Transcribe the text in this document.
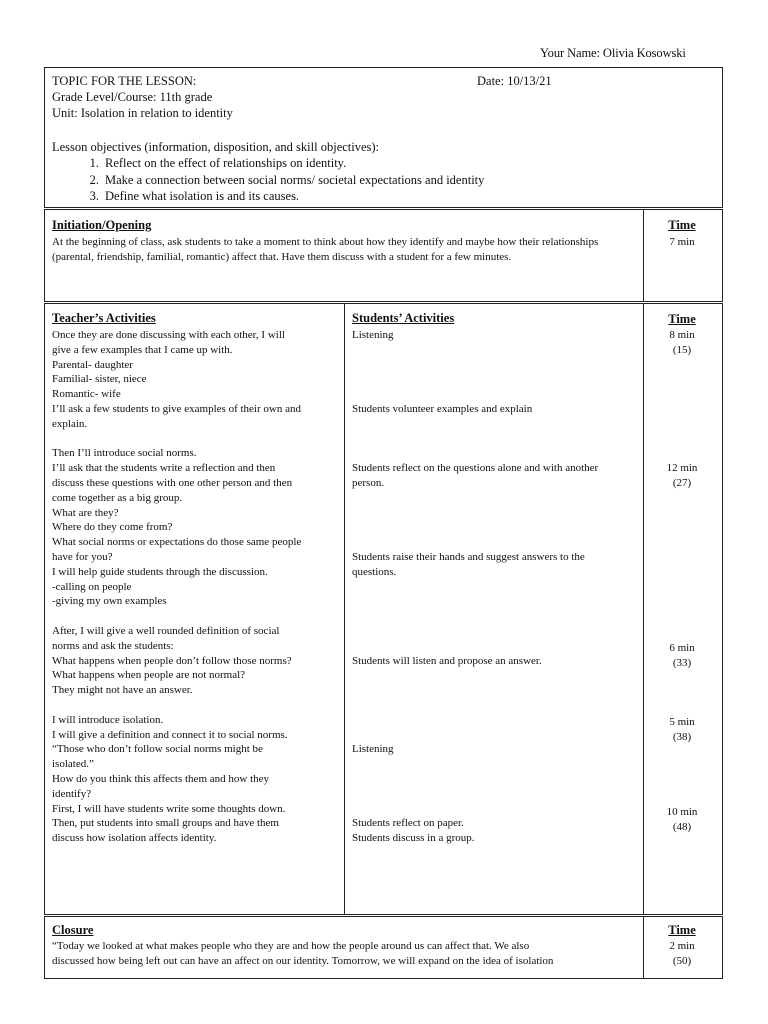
Your Name: Olivia Kosowski
TOPIC FOR THE LESSON:	Date: 10/13/21
Grade Level/Course: 11th grade
Unit: Isolation in relation to identity
Lesson objectives (information, disposition, and skill objectives):
1. Reflect on the effect of relationships on identity.
2. Make a connection between social norms/ societal expectations and identity
3. Define what isolation is and its causes.
Initiation/Opening
At the beginning of class, ask students to take a moment to think about how they identify and maybe how their relationships (parental, friendship, familial, romantic) affect that. Have them discuss with a student for a few minutes.
Time
7 min
Teacher’s Activities
Once they are done discussing with each other, I will
give a few examples that I came up with.
Parental- daughter
Familial- sister, niece
Romantic- wife
I’ll ask a few students to give examples of their own and
explain.
Then I’ll introduce social norms.
I’ll ask that the students write a reflection and then
discuss these questions with one other person and then
come together as a big group.
What are they?
Where do they come from?
What social norms or expectations do those same people
have for you?
I will help guide students through the discussion.
-calling on people
-giving my own examples
After, I will give a well rounded definition of social
norms and ask the students:
What happens when people don’t follow those norms?
What happens when people are not normal?
They might not have an answer.
I will introduce isolation.
I will give a definition and connect it to social norms.
“Those who don’t follow social norms might be
isolated.”
How do you think this affects them and how they
identify?
First, I will have students write some thoughts down.
Then, put students into small groups and have them
discuss how isolation affects identity.
Students’ Activities
Listening
Students volunteer examples and explain
Students reflect on the questions alone and with another
person.
Students raise their hands and suggest answers to the
questions.
Students will listen and propose an answer.
Listening
Students reflect on paper.
Students discuss in a group.
Time
8 min
(15)
12 min
(27)
6 min
(33)
5 min
(38)
10 min
(48)
Closure
“Today we looked at what makes people who they are and how the people around us can affect that. We also
discussed how being left out can have an affect on our identity. Tomorrow, we will expand on the idea of isolation
Time
2 min
(50)
